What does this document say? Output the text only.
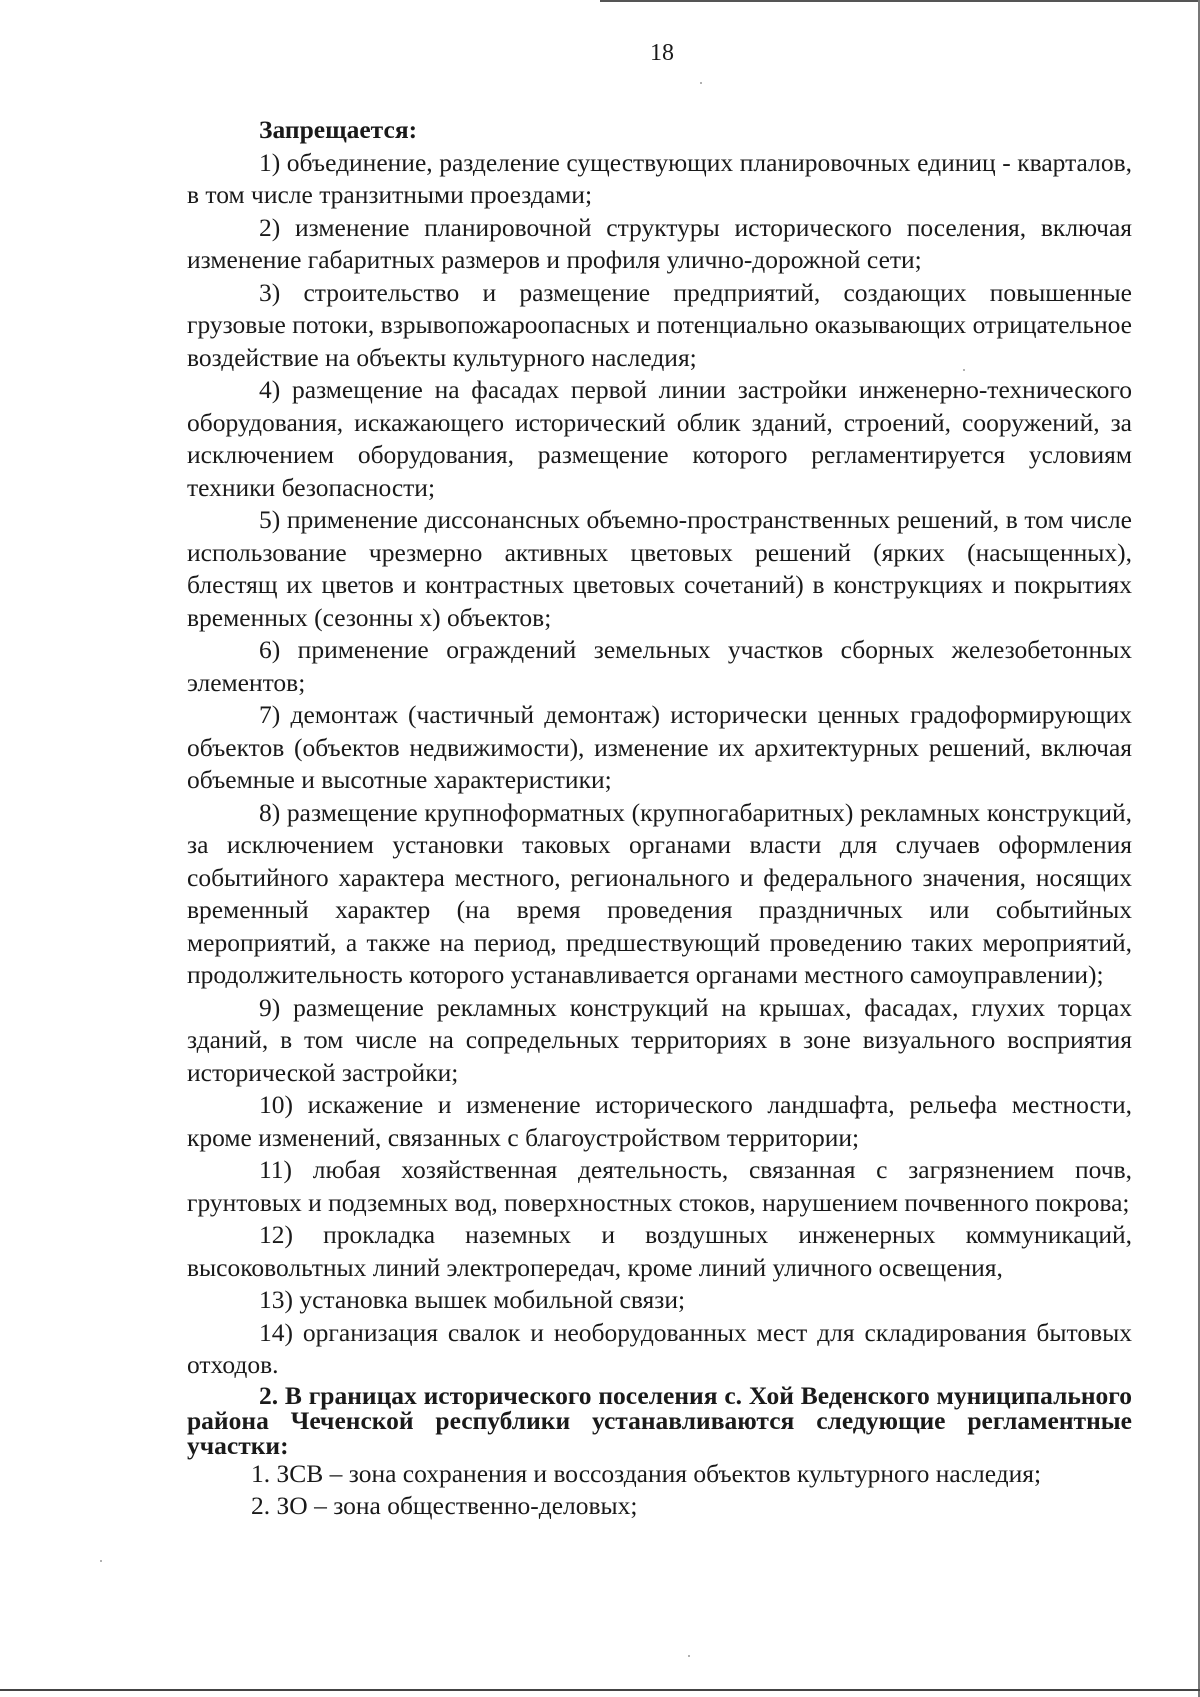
18

Запрещается:

1) объединение, разделение существующих планировочных единиц - кварталов, в том числе транзитными проездами;

2) изменение планировочной структуры исторического поселения, включая изменение габаритных размеров и профиля улично-дорожной сети;

3) строительство и размещение предприятий, создающих повышенные грузовые потоки, взрывопожароопасных и потенциально оказывающих отрицательное воздействие на объекты культурного наследия;

4) размещение на фасадах первой линии застройки инженерно-технического оборудования, искажающего исторический облик зданий, строений, сооружений, за исключением оборудования, размещение которого регламентируется условиям техники безопасности;

5) применение диссонансных объемно-пространственных решений, в том числе использование чрезмерно активных цветовых решений (ярких (насыщенных), блестящ их цветов и контрастных цветовых сочетаний) в конструкциях и покрытиях временных (сезонны х) объектов;

6) применение ограждений земельных участков сборных железобетонных элементов;

7) демонтаж (частичный демонтаж) исторически ценных градоформирующих объектов (объектов недвижимости), изменение их архитектурных решений, включая объемные и высотные характеристики;

8) размещение крупноформатных (крупногабаритных) рекламных конструкций, за исключением установки таковых органами власти для случаев оформления событийного характера местного, регионального и федерального значения, носящих временный характер (на время проведения праздничных или событийных мероприятий, а также на период, предшествующий проведению таких мероприятий, продолжительность которого устанавливается органами местного самоуправлении);

9) размещение рекламных конструкций на крышах, фасадах, глухих торцах зданий, в том числе на сопредельных территориях в зоне визуального восприятия исторической застройки;

10) искажение и изменение исторического ландшафта, рельефа местности, кроме изменений, связанных с благоустройством территории;

11) любая хозяйственная деятельность, связанная с загрязнением почв, грунтовых и подземных вод, поверхностных стоков, нарушением почвенного покрова;

12) прокладка наземных и воздушных инженерных коммуникаций, высоковольтных линий электропередач, кроме линий уличного освещения,

13) установка вышек мобильной связи;

14) организация свалок и необорудованных мест для складирования бытовых отходов.

2. В границах исторического поселения с. Хой Веденского муниципального района Чеченской республики устанавливаются следующие регламентные участки:

1. ЗСВ – зона сохранения и воссоздания объектов культурного наследия;

2. ЗО – зона общественно-деловых;
